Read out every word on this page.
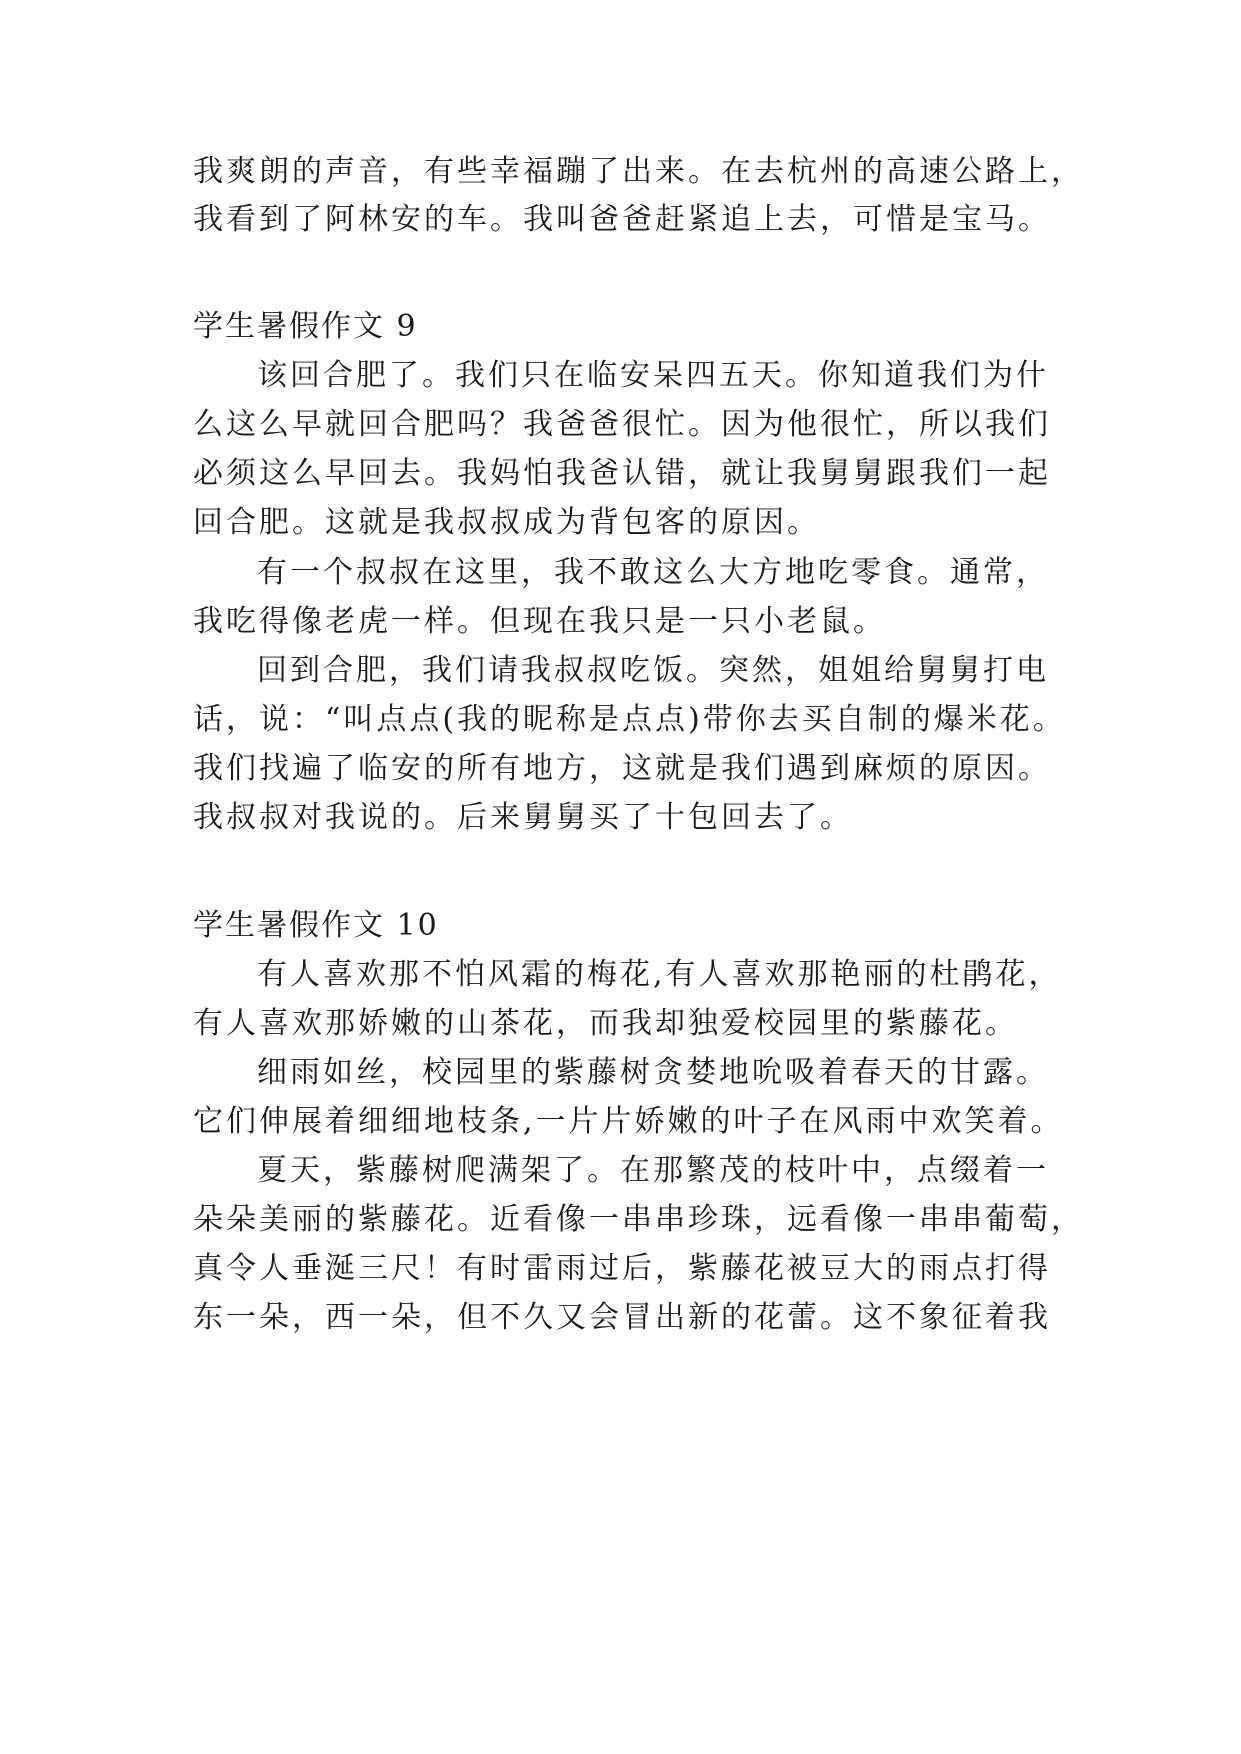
我爽朗的声音，有些幸福蹦了出来。在去杭州的高速公路上，
我看到了阿林安的车。我叫爸爸赶紧追上去，可惜是宝马。
学生暑假作文 9
该回合肥了。我们只在临安呆四五天。你知道我们为什
么这么早就回合肥吗？我爸爸很忙。因为他很忙，所以我们
必须这么早回去。我妈怕我爸认错，就让我舅舅跟我们一起
回合肥。这就是我叔叔成为背包客的原因。
有一个叔叔在这里，我不敢这么大方地吃零食。通常，
我吃得像老虎一样。但现在我只是一只小老鼠。
回到合肥，我们请我叔叔吃饭。突然，姐姐给舅舅打电
话，说：“叫点点(我的昵称是点点)带你去买自制的爆米花。
我们找遍了临安的所有地方，这就是我们遇到麻烦的原因。
我叔叔对我说的。后来舅舅买了十包回去了。
学生暑假作文 10
有人喜欢那不怕风霜的梅花,有人喜欢那艳丽的杜鹃花，
有人喜欢那娇嫩的山茶花，而我却独爱校园里的紫藤花。
细雨如丝，校园里的紫藤树贪婪地吮吸着春天的甘露。
它们伸展着细细地枝条,一片片娇嫩的叶子在风雨中欢笑着。
夏天，紫藤树爬满架了。在那繁茂的枝叶中，点缀着一
朵朵美丽的紫藤花。近看像一串串珍珠，远看像一串串葡萄，
真令人垂涎三尺！有时雷雨过后，紫藤花被豆大的雨点打得
东一朵，西一朵，但不久又会冒出新的花蕾。这不象征着我
